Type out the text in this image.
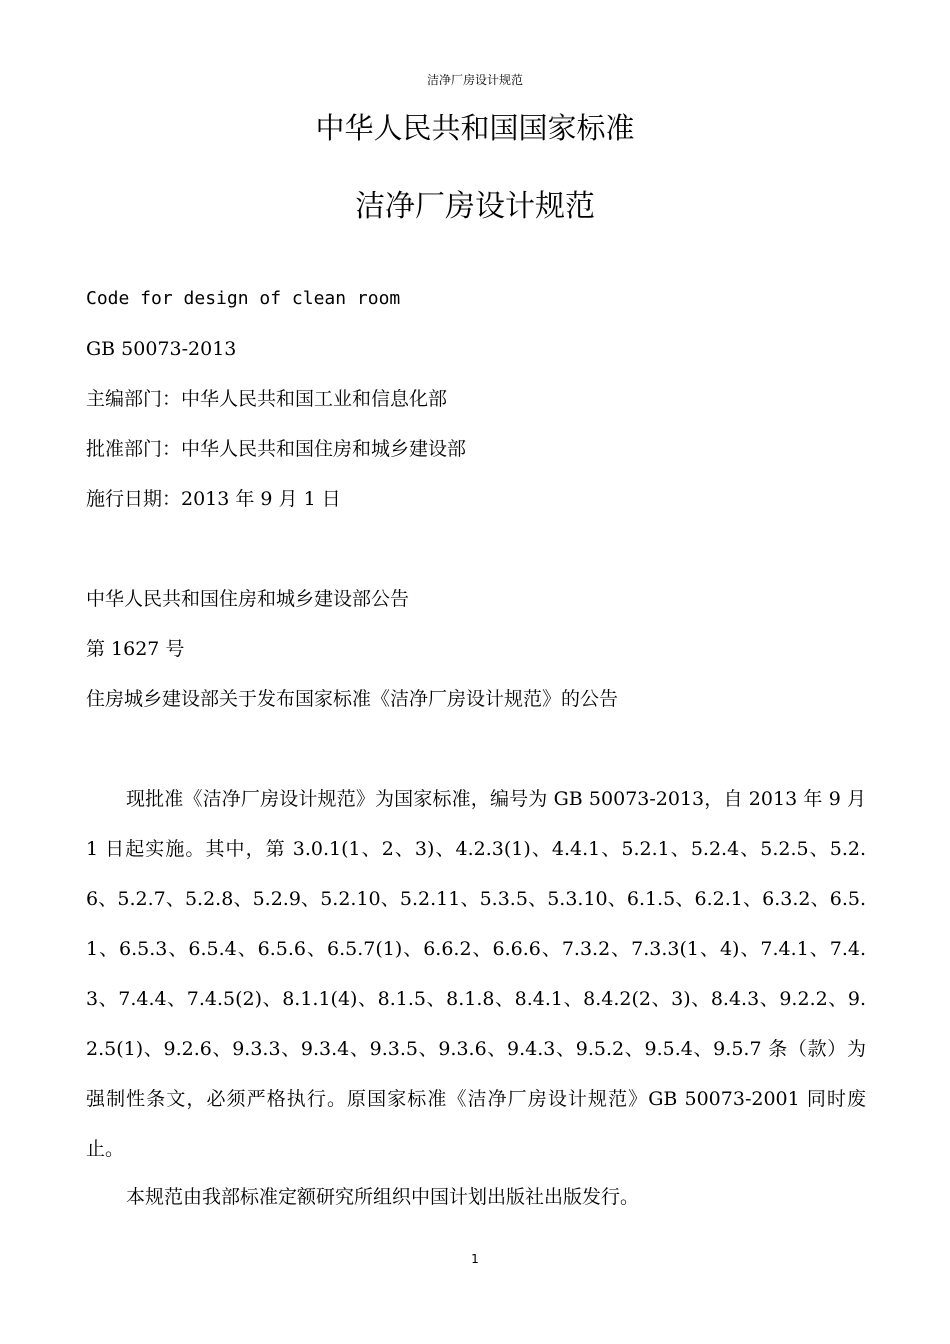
洁净厂房设计规范
中华人民共和国国家标准
洁净厂房设计规范
Code for design of clean room
GB 50073-2013
主编部门：中华人民共和国工业和信息化部
批准部门：中华人民共和国住房和城乡建设部
施行日期：2013 年 9 月 1 日
中华人民共和国住房和城乡建设部公告
第 1627 号
住房城乡建设部关于发布国家标准《洁净厂房设计规范》的公告
现批准《洁净厂房设计规范》为国家标准，编号为 GB 50073-2013，自 2013 年 9 月 1 日起实施。其中，第 3.0.1(1、2、3)、4.2.3(1)、4.4.1、5.2.1、5.2.4、5.2.5、5.2.6、5.2.7、5.2.8、5.2.9、5.2.10、5.2.11、5.3.5、5.3.10、6.1.5、6.2.1、6.3.2、6.5.1、6.5.3、6.5.4、6.5.6、6.5.7(1)、6.6.2、6.6.6、7.3.2、7.3.3(1、4)、7.4.1、7.4.3、7.4.4、7.4.5(2)、8.1.1(4)、8.1.5、8.1.8、8.4.1、8.4.2(2、3)、8.4.3、9.2.2、9.2.5(1)、9.2.6、9.3.3、9.3.4、9.3.5、9.3.6、9.4.3、9.5.2、9.5.4、9.5.7 条（款）为强制性条文，必须严格执行。原国家标准《洁净厂房设计规范》GB 50073-2001 同时废止。
本规范由我部标准定额研究所组织中国计划出版社出版发行。
1
